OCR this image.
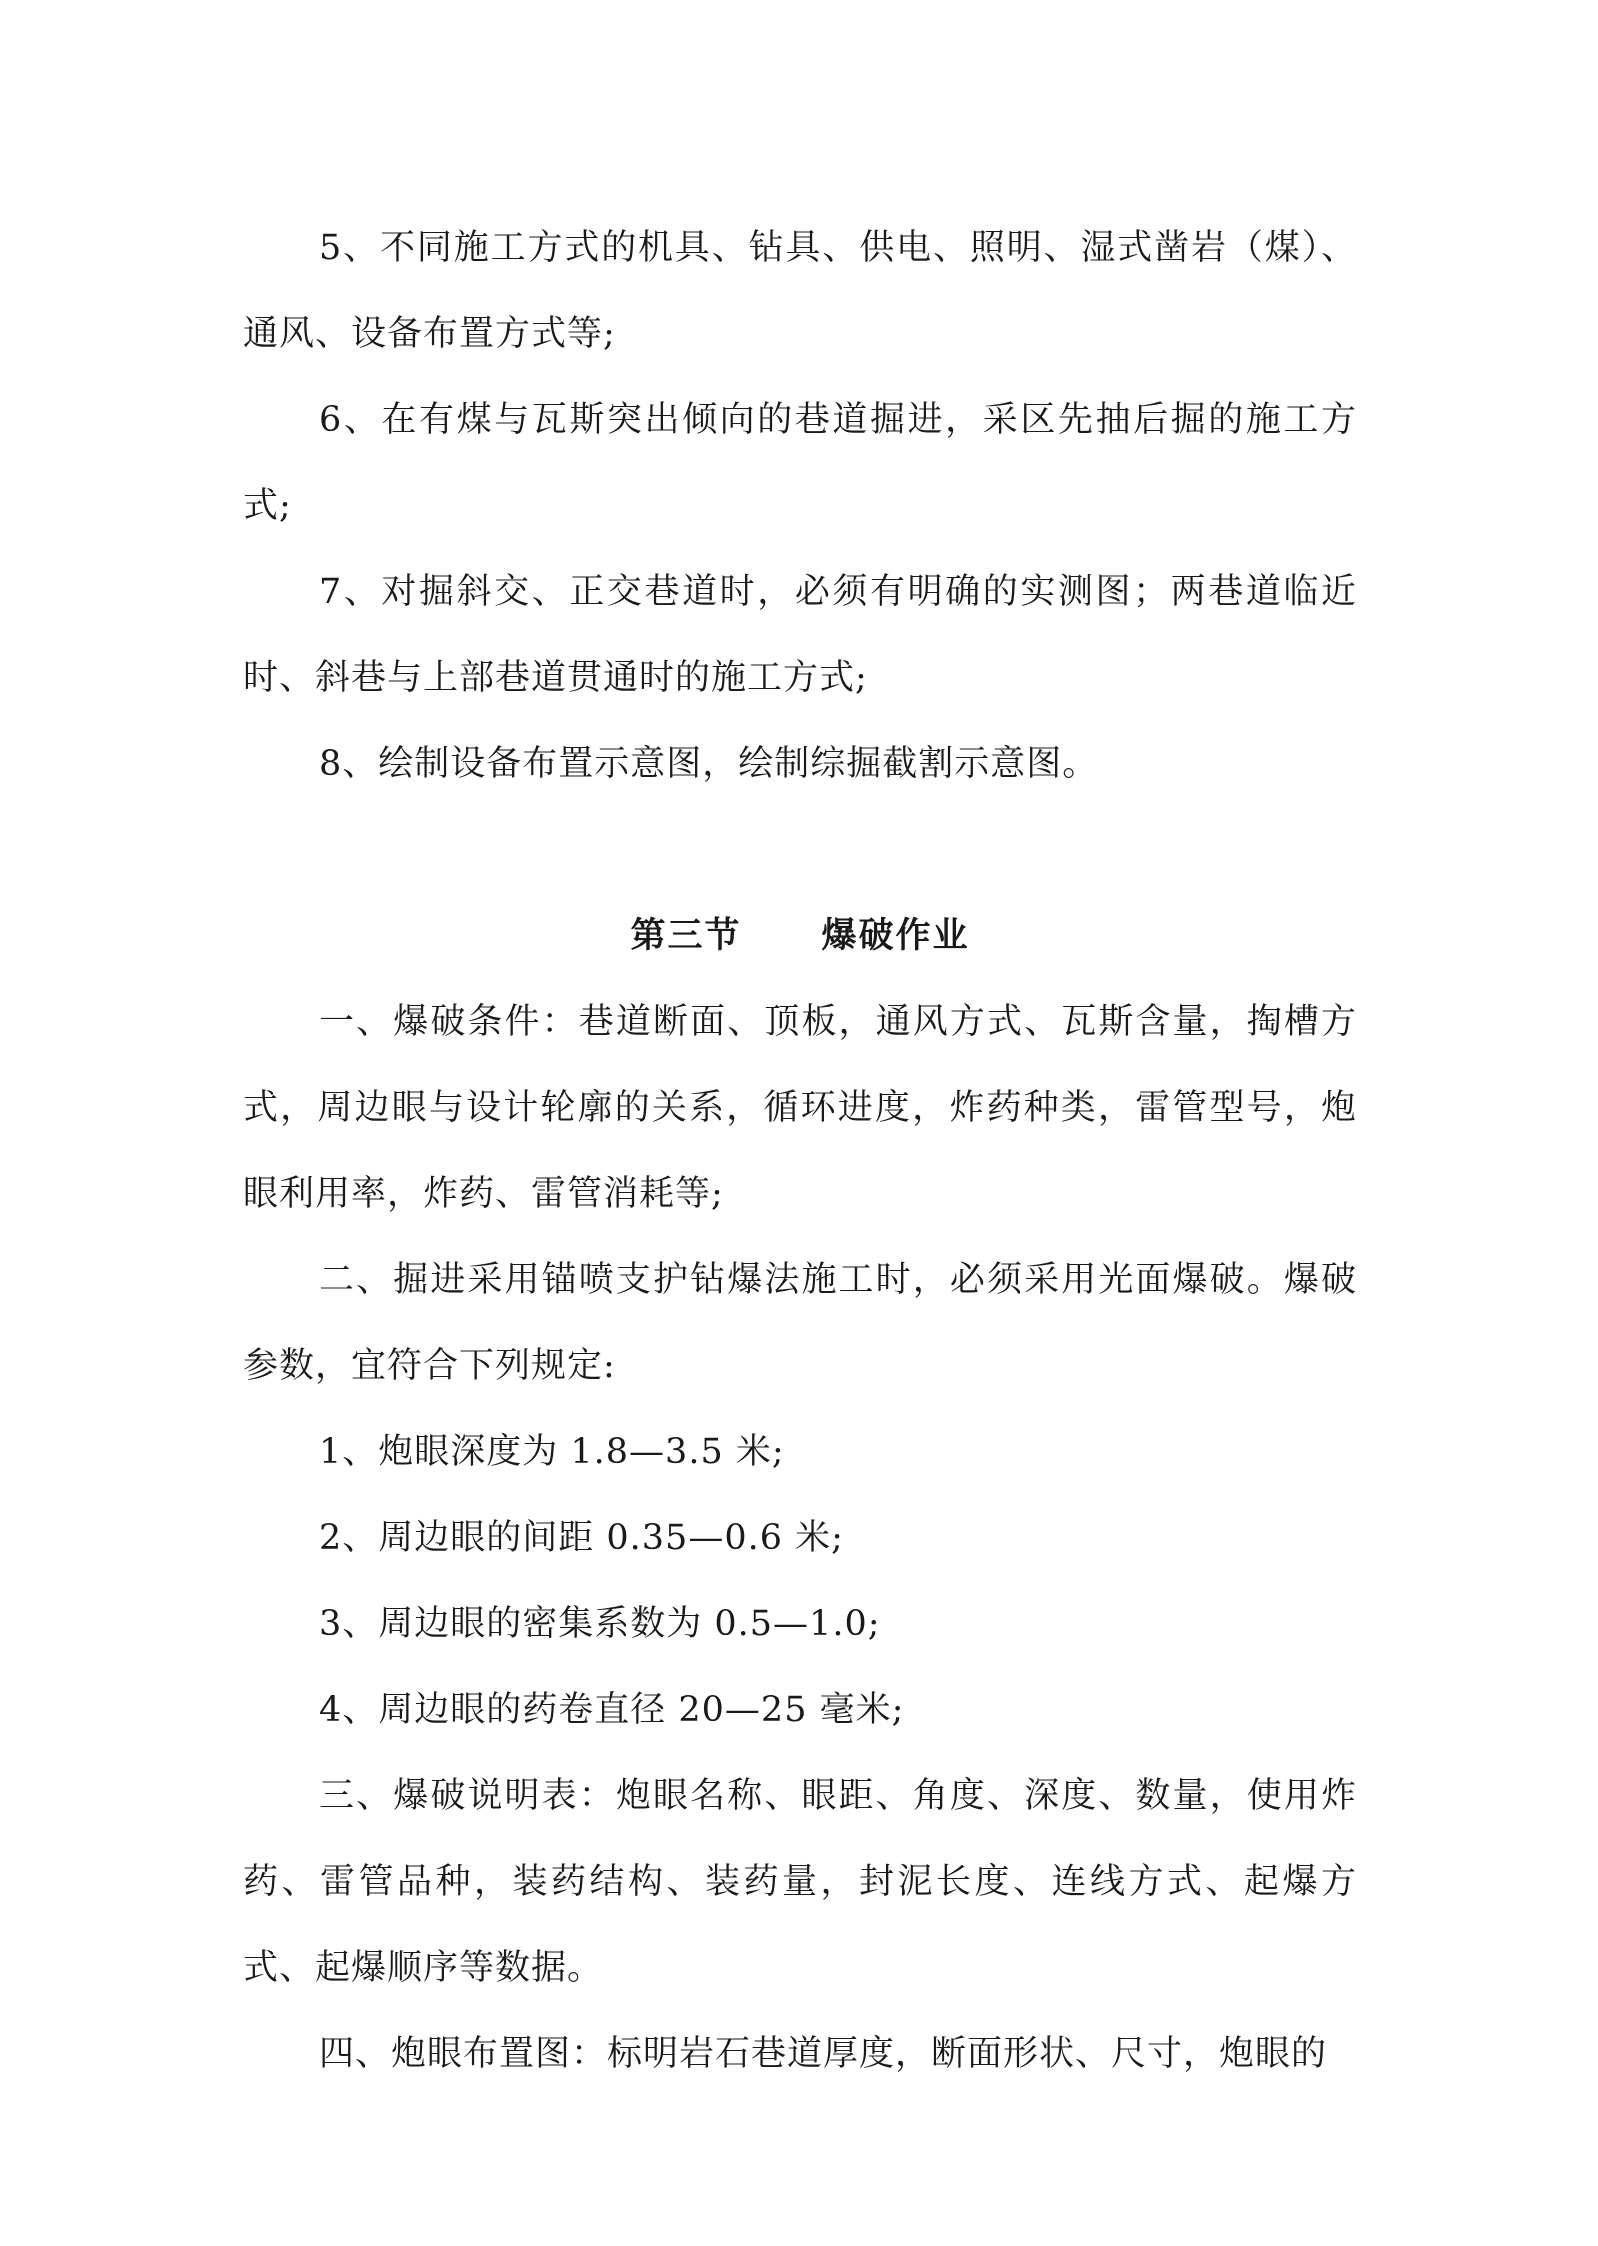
5、不同施工方式的机具、钻具、供电、照明、湿式凿岩（煤）、通风、设备布置方式等;

6、在有煤与瓦斯突出倾向的巷道掘进，采区先抽后掘的施工方式;

7、对掘斜交、正交巷道时，必须有明确的实测图；两巷道临近时、斜巷与上部巷道贯通时的施工方式;

8、绘制设备布置示意图，绘制综掘截割示意图。

第三节 爆破作业

一、爆破条件：巷道断面、顶板，通风方式、瓦斯含量，掏槽方式，周边眼与设计轮廓的关系，循环进度，炸药种类，雷管型号，炮眼利用率，炸药、雷管消耗等;

二、掘进采用锚喷支护钻爆法施工时，必须采用光面爆破。爆破参数，宜符合下列规定:

1、炮眼深度为 1.8—3.5 米;

2、周边眼的间距 0.35—0.6 米;

3、周边眼的密集系数为 0.5—1.0;

4、周边眼的药卷直径 20—25 毫米;

三、爆破说明表：炮眼名称、眼距、角度、深度、数量，使用炸药、雷管品种，装药结构、装药量，封泥长度、连线方式、起爆方式、起爆顺序等数据。

四、炮眼布置图：标明岩石巷道厚度，断面形状、尺寸，炮眼的
